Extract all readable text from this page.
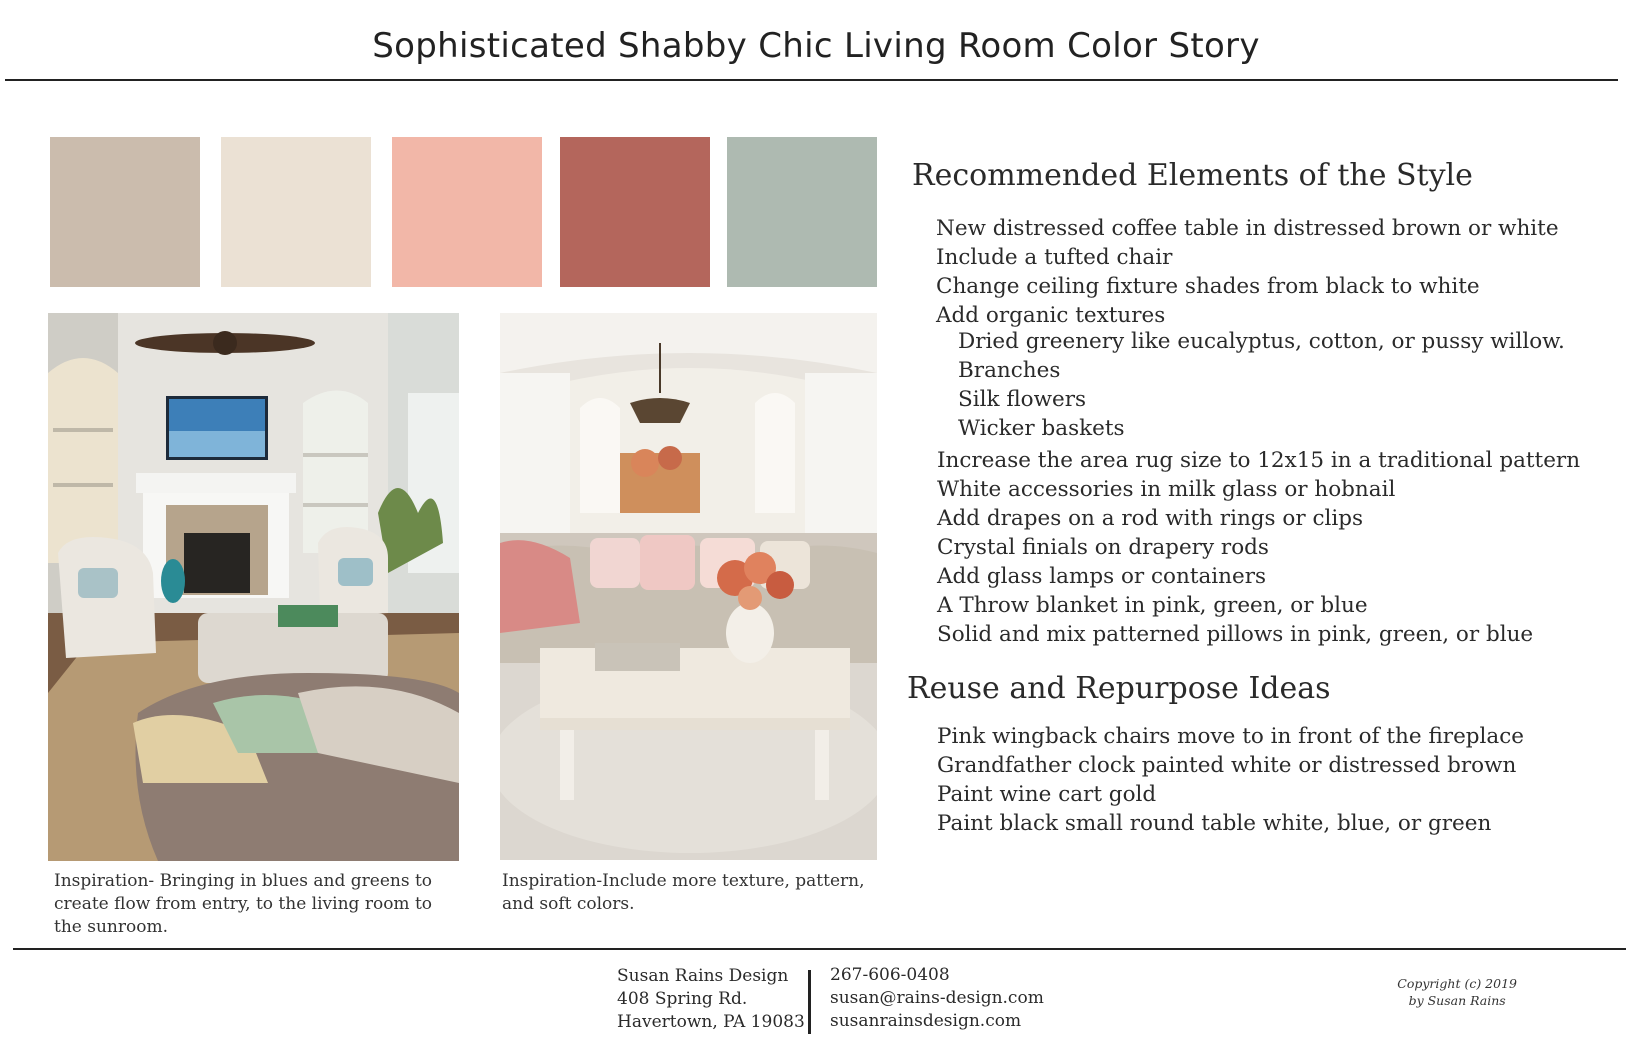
Sophisticated Shabby Chic Living Room Color Story
Inspiration- Bringing in blues and greens to create flow from entry, to the living room to the sunroom.
Inspiration-Include more texture, pattern, and soft colors.
Recommended Elements of the Style
New distressed coffee table in distressed brown or white
Include a tufted chair
Change ceiling fixture shades from black to white
Add organic textures
Dried greenery like eucalyptus, cotton, or pussy willow.
Branches
Silk flowers
Wicker baskets
Increase the area rug size to 12x15 in a traditional pattern
White accessories in milk glass or hobnail
Add drapes on a rod with rings or clips
Crystal finials on drapery rods
Add glass lamps or containers
A Throw blanket in pink, green, or blue
Solid and mix patterned pillows in pink, green, or blue
Reuse and Repurpose Ideas
Pink wingback chairs move to in front of the fireplace
Grandfather clock painted white or distressed brown
Paint wine cart gold
Paint black small round table white, blue, or green
Susan Rains Design
408 Spring Rd.
Havertown, PA 19083
267-606-0408
susan@rains-design.com
susanrainsdesign.com
Copyright (c) 2019
by Susan Rains
